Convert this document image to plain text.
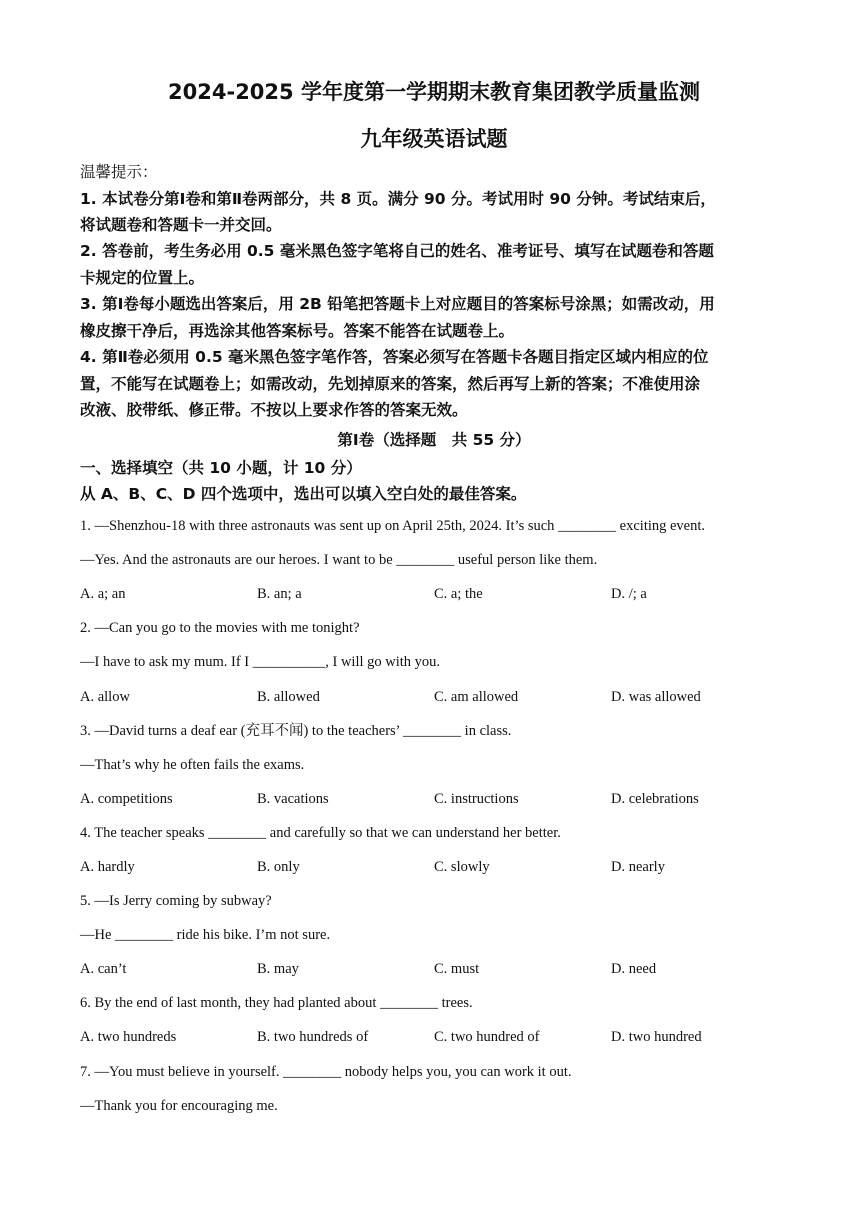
2024-2025 学年度第一学期期末教育集团教学质量监测
九年级英语试题
温馨提示：
1. 本试卷分第Ⅰ卷和第Ⅱ卷两部分，共 8 页。满分 90 分。考试用时 90 分钟。考试结束后，
将试题卷和答题卡一并交回。
2. 答卷前，考生务必用 0.5 毫米黑色签字笔将自己的姓名、准考证号、填写在试题卷和答题
卡规定的位置上。
3. 第Ⅰ卷每小题选出答案后，用 2B 铅笔把答题卡上对应题目的答案标号涂黑；如需改动，用
橡皮擦干净后，再选涂其他答案标号。答案不能答在试题卷上。
4. 第Ⅱ卷必须用 0.5 毫米黑色签字笔作答，答案必须写在答题卡各题目指定区域内相应的位
置，不能写在试题卷上；如需改动，先划掉原来的答案，然后再写上新的答案；不准使用涂
改液、胶带纸、修正带。不按以上要求作答的答案无效。
第Ⅰ卷（选择题　共 55 分）
一、选择填空（共 10 小题，计 10 分）
从 A、B、C、D 四个选项中，选出可以填入空白处的最佳答案。
1. —Shenzhou-18 with three astronauts was sent up on April 25th, 2024. It’s such ________ exciting event.
—Yes. And the astronauts are our heroes. I want to be ________ useful person like them.
A. a; an	B. an; a	C. a; the	D. /; a
2. —Can you go to the movies with me tonight?
—I have to ask my mum. If I __________, I will go with you.
A. allow	B. allowed	C. am allowed	D. was allowed
3. —David turns a deaf ear (充耳不闻) to the teachers’ ________ in class.
—That’s why he often fails the exams.
A. competitions	B. vacations	C. instructions	D. celebrations
4. The teacher speaks ________ and carefully so that we can understand her better.
A. hardly	B. only	C. slowly	D. nearly
5. —Is Jerry coming by subway?
—He ________ ride his bike. I’m not sure.
A. can’t	B. may	C. must	D. need
6. By the end of last month, they had planted about ________ trees.
A. two hundreds	B. two hundreds of	C. two hundred of	D. two hundred
7. —You must believe in yourself. ________ nobody helps you, you can work it out.
—Thank you for encouraging me.
